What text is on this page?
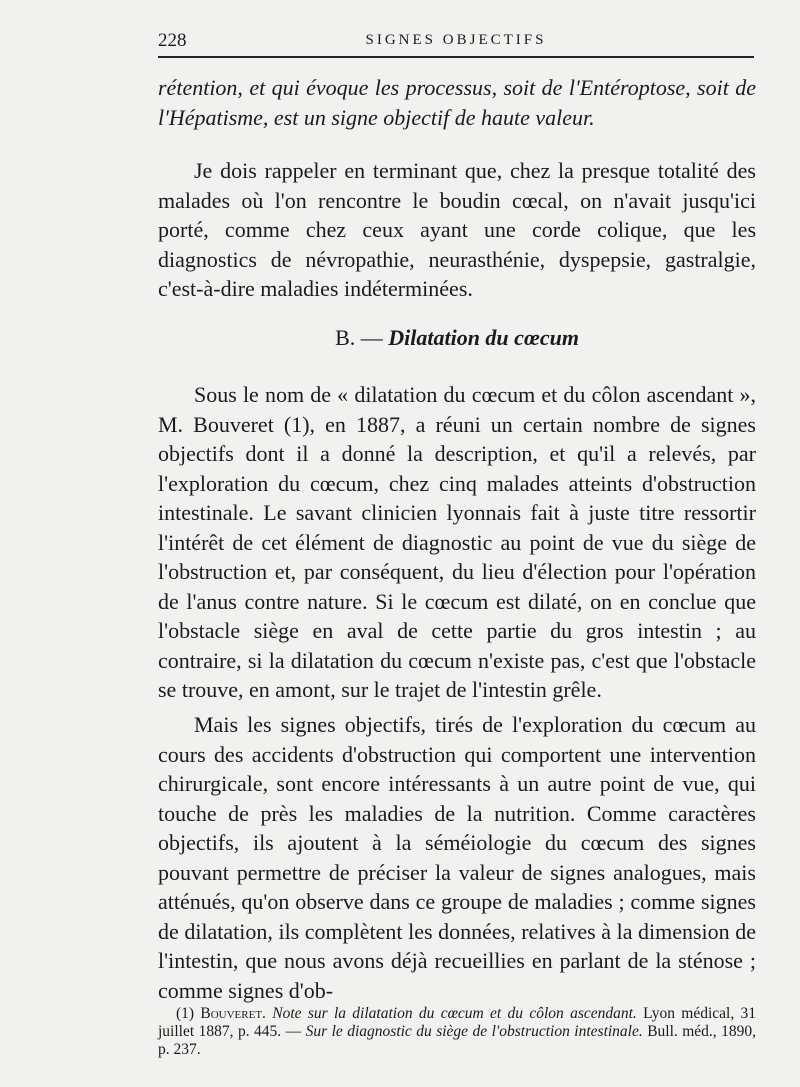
228	SIGNES OBJECTIFS

rétention, et qui évoque les processus, soit de l'Entéroptose, soit de l'Hépatisme, est un signe objectif de haute valeur.

Je dois rappeler en terminant que, chez la presque totalité des malades où l'on rencontre le boudin cœcal, on n'avait jusqu'ici porté, comme chez ceux ayant une corde colique, que les diagnostics de névropathie, neurasthénie, dyspepsie, gastralgie, c'est-à-dire maladies indéterminées.

B. — Dilatation du cœcum

Sous le nom de « dilatation du cœcum et du côlon ascendant », M. Bouveret (1), en 1887, a réuni un certain nombre de signes objectifs dont il a donné la description, et qu'il a relevés, par l'exploration du cœcum, chez cinq malades atteints d'obstruction intestinale. Le savant clinicien lyonnais fait à juste titre ressortir l'intérêt de cet élément de diagnostic au point de vue du siège de l'obstruction et, par conséquent, du lieu d'élection pour l'opération de l'anus contre nature. Si le cœcum est dilaté, on en conclue que l'obstacle siège en aval de cette partie du gros intestin ; au contraire, si la dilatation du cœcum n'existe pas, c'est que l'obstacle se trouve, en amont, sur le trajet de l'intestin grêle.

Mais les signes objectifs, tirés de l'exploration du cœcum au cours des accidents d'obstruction qui comportent une intervention chirurgicale, sont encore intéressants à un autre point de vue, qui touche de près les maladies de la nutrition. Comme caractères objectifs, ils ajoutent à la séméiologie du cœcum des signes pouvant permettre de préciser la valeur de signes analogues, mais atténués, qu'on observe dans ce groupe de maladies ; comme signes de dilatation, ils complètent les données, relatives à la dimension de l'intestin, que nous avons déjà recueillies en parlant de la sténose ; comme signes d'ob-

(1) Bouveret. Note sur la dilatation du cœcum et du côlon ascendant. Lyon médical, 31 juillet 1887, p. 445. — Sur le diagnostic du siège de l'obstruction intestinale. Bull. méd., 1890, p. 237.
